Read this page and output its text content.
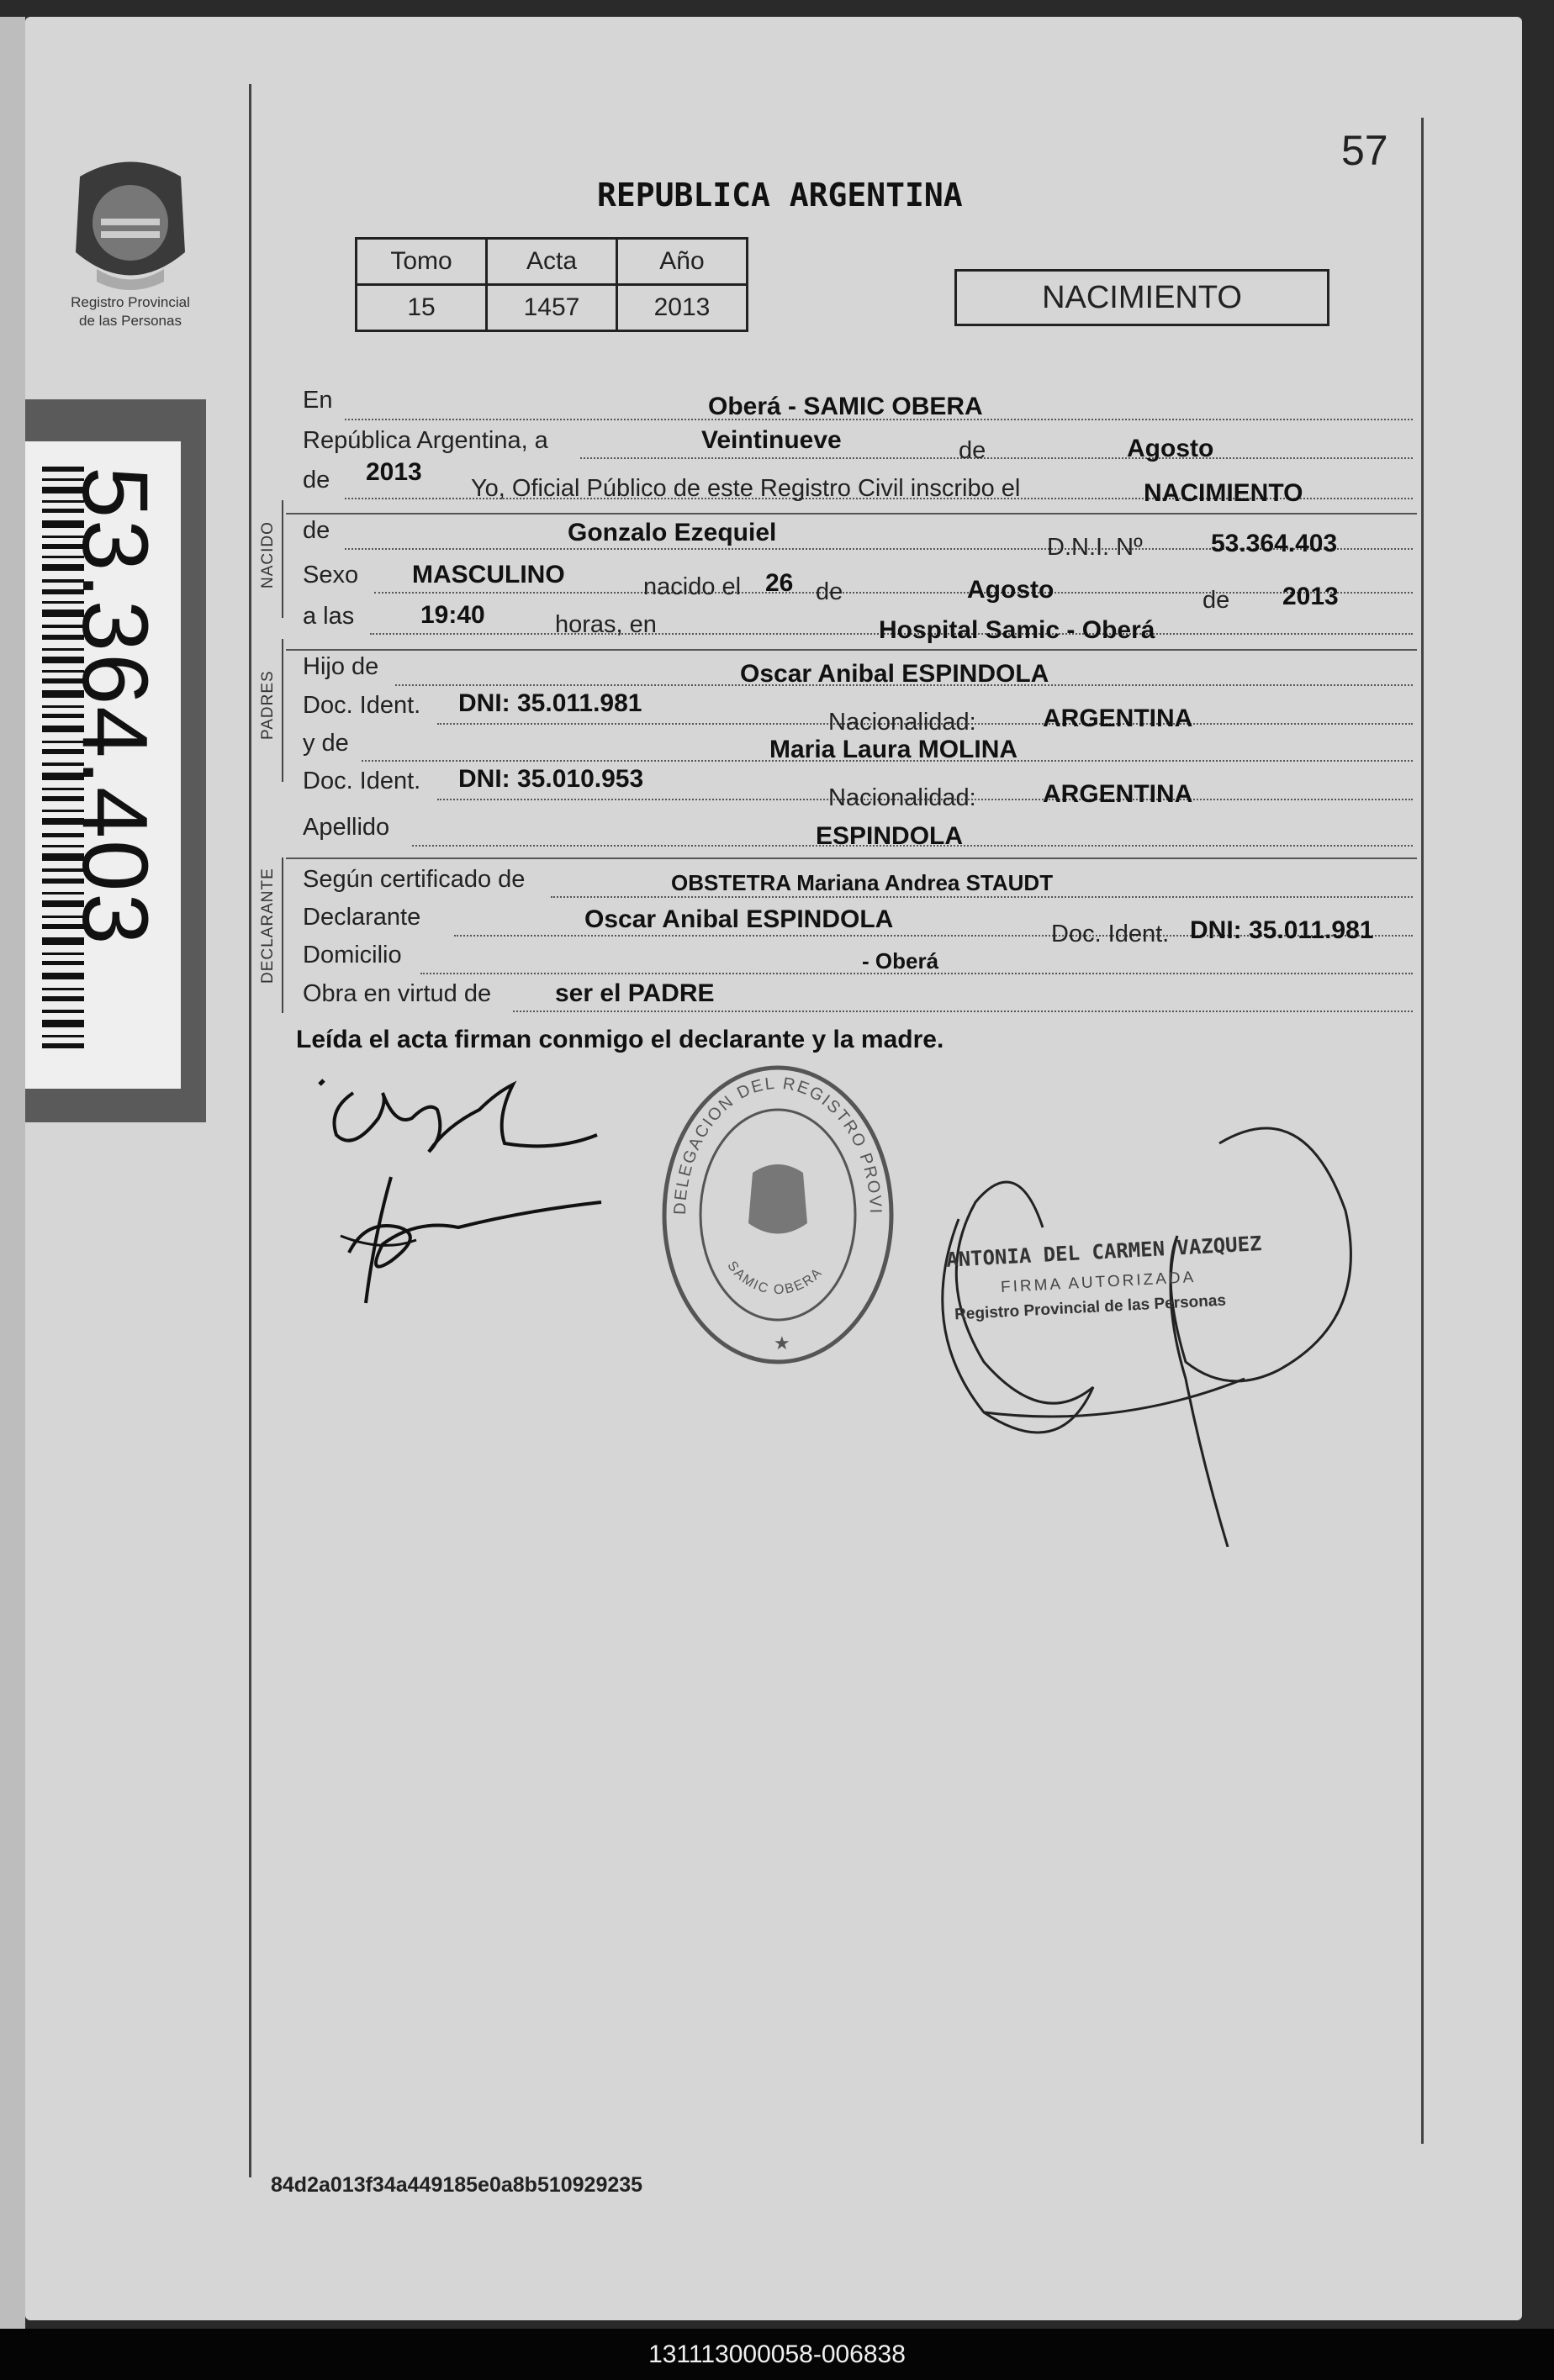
57
Registro Provincial
de las Personas
53.364.403
REPUBLICA ARGENTINA
Tomo	Acta	Año
15	1457	2013	NACIMIENTO
NACIDO
PADRES
DECLARANTE
En	Oberá - SAMIC OBERA
República Argentina, a	Veintinueve	de	Agosto
de 2013
Yo, Oficial Público de este Registro Civil inscribo el	NACIMIENTO
de	Gonzalo Ezequiel
D.N.I. Nº	53.364.403
Sexo MASCULINO	nacido el 26 de	Agosto	de 2013
a las	19:40	horas, en	Hospital Samic - Oberá
Hijo de	Oscar Anibal ESPINDOLA
Doc. Ident. DNI: 35.011.981
Nacionalidad:	ARGENTINA
y de	Maria Laura MOLINA
Doc. Ident. DNI: 35.010.953
Nacionalidad:	ARGENTINA
Apellido	ESPINDOLA
Según certificado de	OBSTETRA Mariana Andrea STAUDT
Declarante	Oscar Anibal ESPINDOLA
Doc. Ident. DNI: 35.011.981
Domicilio	- Oberá
Obra en virtud de	ser el PADRE
Leída el acta firman conmigo el declarante y la madre.
DELEGACION DEL REGISTRO PROVI
SAMIC OBERA
★
ANTONIA DEL CARMEN VAZQUEZ
FIRMA AUTORIZADA
Registro Provincial de las Personas
84d2a013f34a449185e0a8b510929235
131113000058-006838
